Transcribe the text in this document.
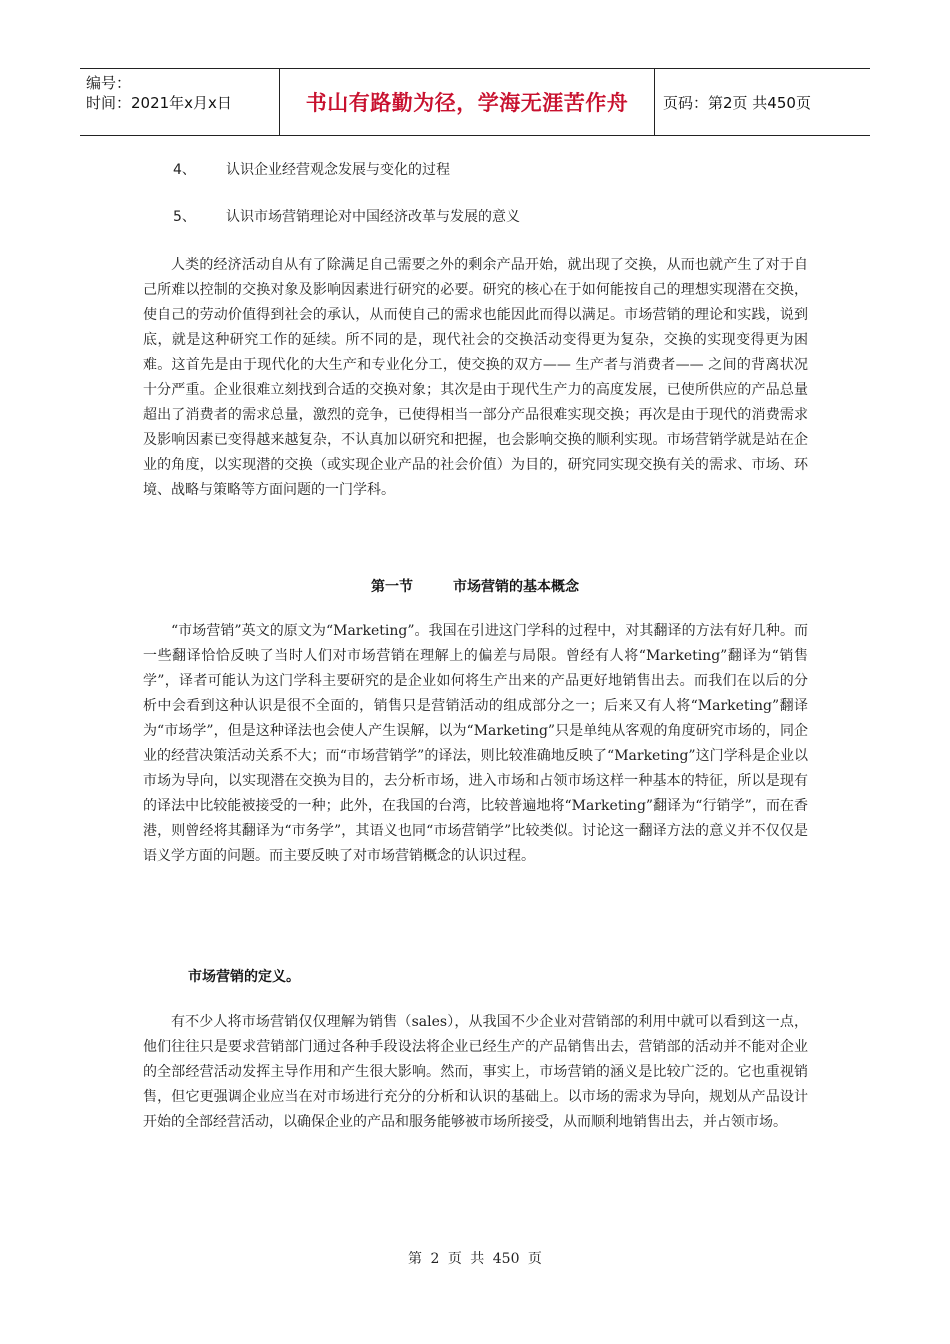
编号：
时间：2021年x月x日	书山有路勤为径，学海无涯苦作舟	页码：第2页 共450页
4、 认识企业经营观念发展与变化的过程
5、 认识市场营销理论对中国经济改革与发展的意义

人类的经济活动自从有了除满足自己需要之外的剩余产品开始，就出现了交换，从而也就产生了对于自己所难以控制的交换对象及影响因素进行研究的必要。研究的核心在于如何能按自己的理想实现潜在交换，使自己的劳动价值得到社会的承认，从而使自己的需求也能因此而得以满足。市场营销的理论和实践，说到底，就是这种研究工作的延续。所不同的是，现代社会的交换活动变得更为复杂，交换的实现变得更为困难。这首先是由于现代化的大生产和专业化分工，使交换的双方—— 生产者与消费者—— 之间的背离状况十分严重。企业很难立刻找到合适的交换对象；其次是由于现代生产力的高度发展，已使所供应的产品总量超出了消费者的需求总量，激烈的竞争，已使得相当一部分产品很难实现交换；再次是由于现代的消费需求及影响因素已变得越来越复杂，不认真加以研究和把握，也会影响交换的顺利实现。市场营销学就是站在企业的角度，以实现潜的交换（或实现企业产品的社会价值）为目的，研究同实现交换有关的需求、市场、环境、战略与策略等方面问题的一门学科。

第一节	市场营销的基本概念

“市场营销”英文的原文为“Marketing”。我国在引进这门学科的过程中，对其翻译的方法有好几种。而一些翻译恰恰反映了当时人们对市场营销在理解上的偏差与局限。曾经有人将“Marketing”翻译为“销售学”，译者可能认为这门学科主要研究的是企业如何将生产出来的产品更好地销售出去。而我们在以后的分析中会看到这种认识是很不全面的，销售只是营销活动的组成部分之一；后来又有人将“Marketing”翻译为“市场学”，但是这种译法也会使人产生误解，以为“Marketing”只是单纯从客观的角度研究市场的，同企业的经营决策活动关系不大；而“市场营销学”的译法，则比较准确地反映了“Marketing”这门学科是企业以市场为导向，以实现潜在交换为目的，去分析市场，进入市场和占领市场这样一种基本的特征，所以是现有的译法中比较能被接受的一种；此外，在我国的台湾，比较普遍地将“Marketing”翻译为“行销学”，而在香港，则曾经将其翻译为“市务学”，其语义也同“市场营销学”比较类似。讨论这一翻译方法的意义并不仅仅是语义学方面的问题。而主要反映了对市场营销概念的认识过程。

市场营销的定义。

有不少人将市场营销仅仅理解为销售（sales），从我国不少企业对营销部的利用中就可以看到这一点，他们往往只是要求营销部门通过各种手段设法将企业已经生产的产品销售出去，营销部的活动并不能对企业的全部经营活动发挥主导作用和产生很大影响。然而，事实上，市场营销的涵义是比较广泛的。它也重视销售，但它更强调企业应当在对市场进行充分的分析和认识的基础上。以市场的需求为导向，规划从产品设计开始的全部经营活动，以确保企业的产品和服务能够被市场所接受，从而顺利地销售出去，并占领市场。

第 2 页 共 450 页
